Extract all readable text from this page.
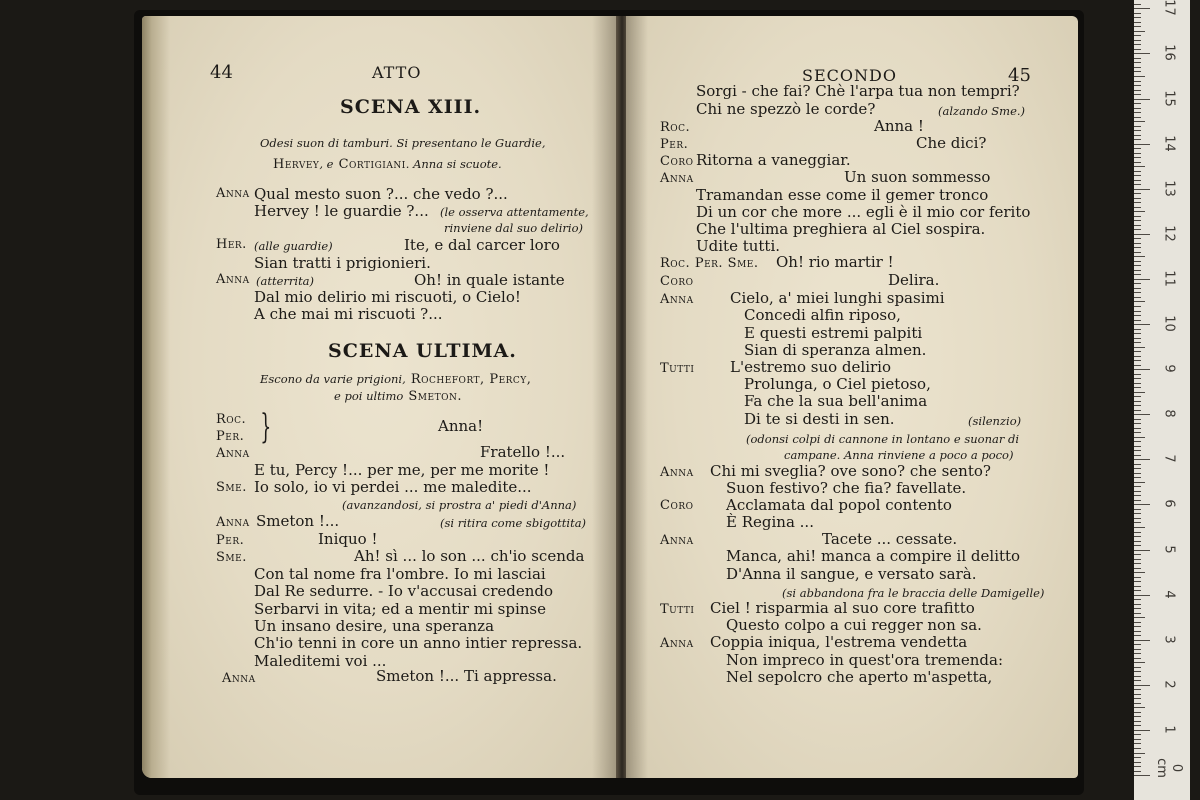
44	ATTO
SCENA XIII.
Odesi suon di tamburi. Si presentano le Guardie,
Hervey, e Cortigiani. Anna si scuote.
Anna Qual mesto suon ?... che vedo ?...
Hervey ! le guardie ?... (le osserva attentamente,
rinviene dal suo delirio)
Her. (alle guardie)	Ite, e dal carcer loro
Sian tratti i prigionieri.
Anna (atterrita)	Oh! in quale istante
Dal mio delirio mi riscuoti, o Cielo!
A che mai mi riscuoti ?...
SCENA ULTIMA.
Escono da varie prigioni, Rochefort, Percy,
e poi ultimo Smeton.
Roc.
Per. }	Anna!
Anna	Fratello !...
E tu, Percy !... per me, per me morite !
Sme. Io solo, io vi perdei ... me maledite...
(avanzandosi, si prostra a' piedi d'Anna)
Anna Smeton !...	(si ritira come sbigottita)
Per.	Iniquo !
Sme.	Ah! sì ... lo son ... ch'io scenda
Con tal nome fra l'ombre. Io mi lasciai
Dal Re sedurre. - Io v'accusai credendo
Serbarvi in vita; ed a mentir mi spinse
Un insano desire, una speranza
Ch'io tenni in core un anno intier repressa.
Maleditemi voi ...
Anna	Smeton !... Ti appressa.
SECONDO	45
Sorgi - che fai? Chè l'arpa tua non tempri?
Chi ne spezzò le corde?	(alzando Sme.)
Roc.	Anna !
Per.	Che dici?
Coro Ritorna a vaneggiar.
Anna	Un suon sommesso
Tramandan esse come il gemer tronco
Di un cor che more ... egli è il mio cor ferito
Che l'ultima preghiera al Ciel sospira.
Udite tutti.
Roc. Per. Sme. Oh! rio martir !
Coro	Delira.
Anna Cielo, a' miei lunghi spasimi
Concedi alfin riposo,
E questi estremi palpiti
Sian di speranza almen.
Tutti L'estremo suo delirio
Prolunga, o Ciel pietoso,
Fa che la sua bell'anima
Di te si desti in sen.	(silenzio)
(odonsi colpi di cannone in lontano e suonar di
campane. Anna rinviene a poco a poco)
Anna Chi mi sveglia? ove sono? che sento?
Suon festivo? che fia? favellate.
Coro Acclamata dal popol contento
È Regina ...
Anna	Tacete ... cessate.
Manca, ahi! manca a compire il delitto
D'Anna il sangue, e versato sarà.
(si abbandona fra le braccia delle Damigelle)
Tutti Ciel ! risparmia al suo core trafitto
Questo colpo a cui regger non sa.
Anna Coppia iniqua, l'estrema vendetta
Non impreco in quest'ora tremenda:
Nel sepolcro che aperto m'aspetta,
0 cm
1
2
3
4
5
6
7
8
9
10
11
12
13
14
15
16
17
